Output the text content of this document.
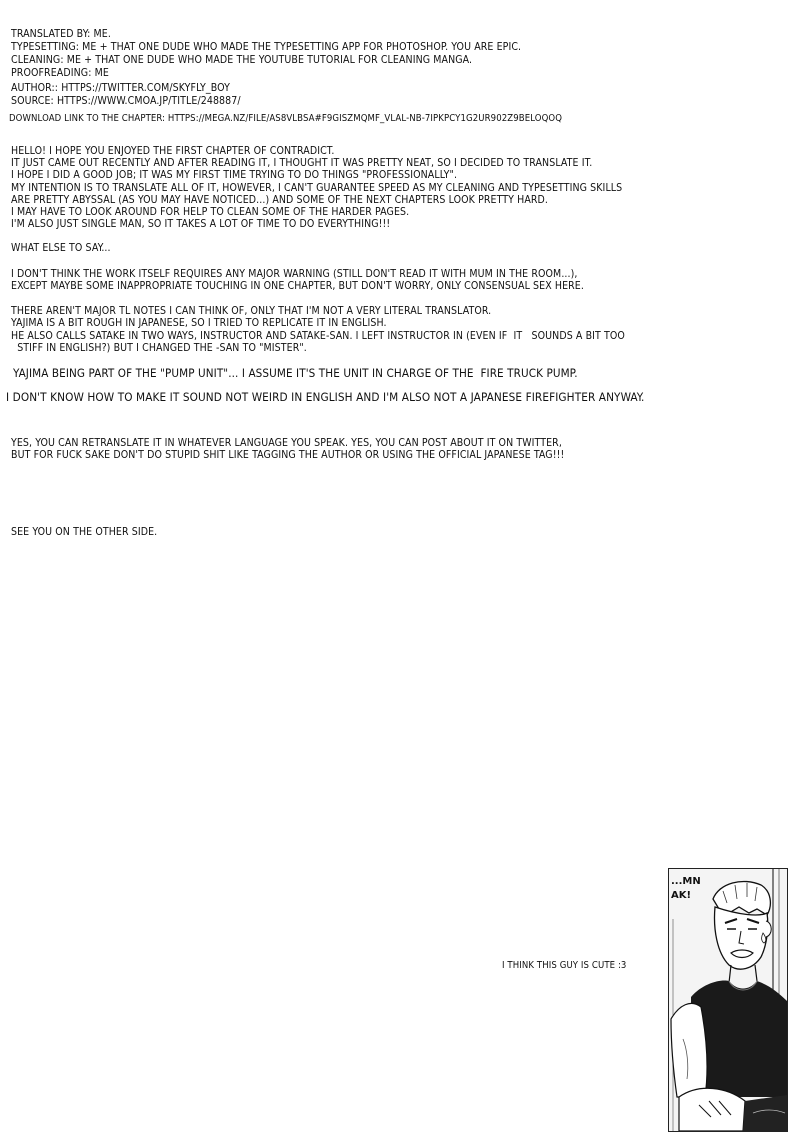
TRANSLATED BY: ME.
TYPESETTING: ME + THAT ONE DUDE WHO MADE THE TYPESETTING APP FOR PHOTOSHOP. YOU ARE EPIC.
CLEANING: ME + THAT ONE DUDE WHO MADE THE YOUTUBE TUTORIAL FOR CLEANING MANGA.
PROOFREADING: ME
AUTHOR:: HTTPS://TWITTER.COM/SKYFLY_BOY
SOURCE: HTTPS://WWW.CMOA.JP/TITLE/248887/
DOWNLOAD LINK TO THE CHAPTER: HTTPS://MEGA.NZ/FILE/AS8VLBSA#F9GISZMQMF_VLAL-NB-7IPKPCY1G2UR902Z9BELOQOQ
HELLO! I HOPE YOU ENJOYED THE FIRST CHAPTER OF CONTRADICT.
IT JUST CAME OUT RECENTLY AND AFTER READING IT, I THOUGHT IT WAS PRETTY NEAT, SO I DECIDED TO TRANSLATE IT.
I HOPE I DID A GOOD JOB; IT WAS MY FIRST TIME TRYING TO DO THINGS "PROFESSIONALLY".
MY INTENTION IS TO TRANSLATE ALL OF IT, HOWEVER, I CAN'T GUARANTEE SPEED AS MY CLEANING AND TYPESETTING SKILLS
ARE PRETTY ABYSSAL (AS YOU MAY HAVE NOTICED...) AND SOME OF THE NEXT CHAPTERS LOOK PRETTY HARD.
I MAY HAVE TO LOOK AROUND FOR HELP TO CLEAN SOME OF THE HARDER PAGES.
I'M ALSO JUST SINGLE MAN, SO IT TAKES A LOT OF TIME TO DO EVERYTHING!!!
WHAT ELSE TO SAY...
I DON'T THINK THE WORK ITSELF REQUIRES ANY MAJOR WARNING (STILL DON'T READ IT WITH MUM IN THE ROOM...),
EXCEPT MAYBE SOME INAPPROPRIATE TOUCHING IN ONE CHAPTER, BUT DON'T WORRY, ONLY CONSENSUAL SEX HERE.
THERE AREN'T MAJOR TL NOTES I CAN THINK OF, ONLY THAT I'M NOT A VERY LITERAL TRANSLATOR.
YAJIMA IS A BIT ROUGH IN JAPANESE, SO I TRIED TO REPLICATE IT IN ENGLISH.
HE ALSO CALLS SATAKE IN TWO WAYS, INSTRUCTOR AND SATAKE-SAN. I LEFT INSTRUCTOR IN (EVEN IF  IT   SOUNDS A BIT TOO
STIFF IN ENGLISH?) BUT I CHANGED THE -SAN TO "MISTER".
YAJIMA BEING PART OF THE "PUMP UNIT"... I ASSUME IT'S THE UNIT IN CHARGE OF THE  FIRE TRUCK PUMP.
I DON'T KNOW HOW TO MAKE IT SOUND NOT WEIRD IN ENGLISH AND I'M ALSO NOT A JAPANESE FIREFIGHTER ANYWAY.
YES, YOU CAN RETRANSLATE IT IN WHATEVER LANGUAGE YOU SPEAK. YES, YOU CAN POST ABOUT IT ON TWITTER,
BUT FOR FUCK SAKE DON'T DO STUPID SHIT LIKE TAGGING THE AUTHOR OR USING THE OFFICIAL JAPANESE TAG!!!
SEE YOU ON THE OTHER SIDE.
I THINK THIS GUY IS CUTE :3
...MN
AK!
